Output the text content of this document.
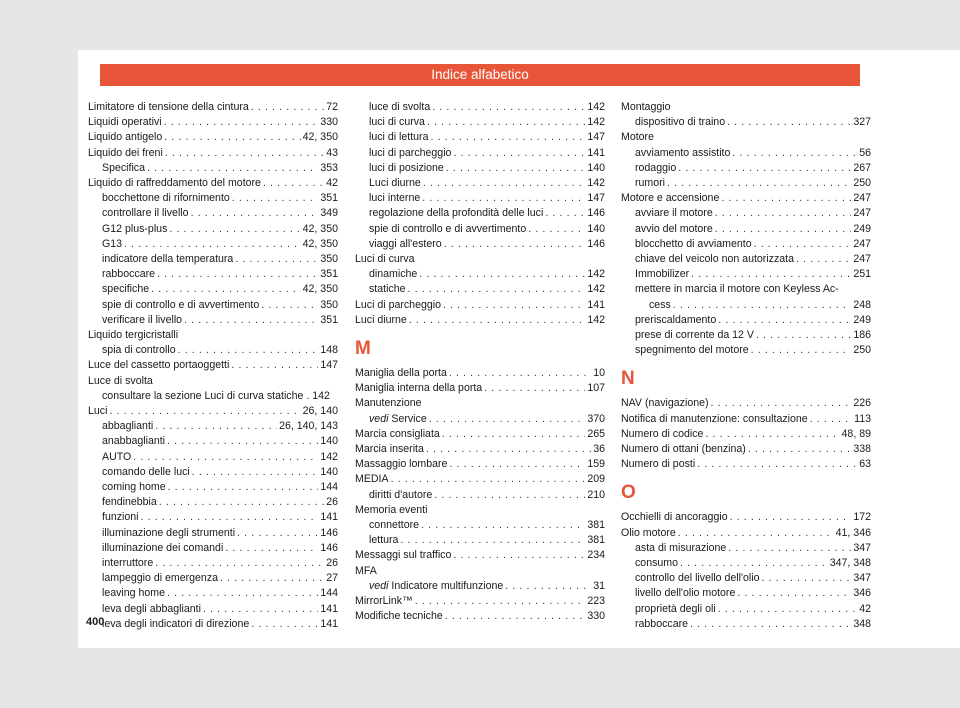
Indice alfabetico
Limitatore di tensione della cintura . . .	72
Liquidi operativi . . .	330
Liquido antigelo . . .	42, 350
Liquido dei freni . . .	43
Specifica . . .	353
Liquido di raffreddamento del motore . . .	42
bocchettone di rifornimento . . .	351
controllare il livello . . .	349
G12 plus-plus . . .	42, 350
G13 . . .	42, 350
indicatore della temperatura . . .	350
rabboccare . . .	351
specifiche . . .	42, 350
spie di controllo e di avvertimento . . .	350
verificare il livello . . .	351
Liquido tergicristalli
spia di controllo . . .	148
Luce del cassetto portaoggetti . . .	147
Luce di svolta
consultare la sezione Luci di curva statiche . 142
Luci . . .	26, 140
abbaglianti . . .	26, 140, 143
anabbaglianti . . .	140
AUTO . . .	142
comando delle luci . . .	140
coming home . . .	144
fendinebbia . . .	26
funzioni . . .	141
illuminazione degli strumenti . . .	146
illuminazione dei comandi . . .	146
interruttore . . .	26
lampeggio di emergenza . . .	27
leaving home . . .	144
leva degli abbaglianti . . .	141
leva degli indicatori di direzione . . .	141
luce di svolta . . .	142
luci di curva . . .	142
luci di lettura . . .	147
luci di parcheggio . . .	141
luci di posizione . . .	140
Luci diurne . . .	142
luci interne . . .	147
regolazione della profondità delle luci . . .	146
spie di controllo e di avvertimento . . .	140
viaggi all'estero . . .	146
Luci di curva
dinamiche . . .	142
statiche . . .	142
Luci di parcheggio . . .	141
Luci diurne . . .	142
M
Maniglia della porta . . .	10
Maniglia interna della porta . . .	107
Manutenzione
vedi Service . . .	370
Marcia consigliata . . .	265
Marcia inserita . . .	36
Massaggio lombare . . .	159
MEDIA . . .	209
diritti d'autore . . .	210
Memoria eventi
connettore . . .	381
lettura . . .	381
Messaggi sul traffico . . .	234
MFA
vedi Indicatore multifunzione . . .	31
MirrorLink™ . . .	223
Modifiche tecniche . . .	330
Montaggio
dispositivo di traino . . .	327
Motore
avviamento assistito . . .	56
rodaggio . . .	267
rumori . . .	250
Motore e accensione . . .	247
avviare il motore . . .	247
avvio del motore . . .	249
blocchetto di avviamento . . .	247
chiave del veicolo non autorizzata . . .	247
Immobilizer . . .	251
mettere in marcia il motore con Keyless Ac-
cess . . .	248
preriscaldamento . . .	249
prese di corrente da 12 V . . .	186
spegnimento del motore . . .	250
N
NAV (navigazione) . . .	226
Notifica di manutenzione: consultazione . . .	113
Numero di codice . . .	48, 89
Numero di ottani (benzina) . . .	338
Numero di posti . . .	63
O
Occhielli di ancoraggio . . .	172
Olio motore . . .	41, 346
asta di misurazione . . .	347
consumo . . .	347, 348
controllo del livello dell'olio . . .	347
livello dell'olio motore . . .	346
proprietà degli oli . . .	42
rabboccare . . .	348
400
